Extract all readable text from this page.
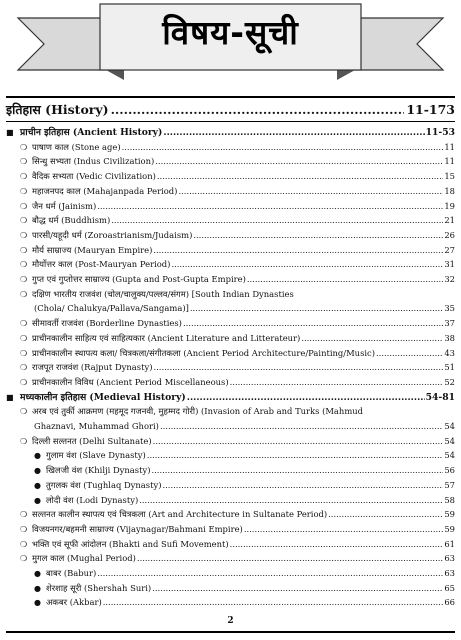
विषय-सूची
इतिहास (History) .....	11-173
■ प्राचीन इतिहास (Ancient History) .....	11-53
❍ पाषाण काल (Stone age) .....	11
❍ सिन्धु सभ्यता (Indus Civilization) .....	11
❍ वैदिक सभ्यता (Vedic Civilization) .....	15
❍ महाजनपद काल (Mahajanpada Period) .....	18
❍ जैन धर्म (Jainism) .....	19
❍ बौद्ध धर्म (Buddhism) .....	21
❍ पारसी/यहूदी धर्म (Zoroastrianism/Judaism) .....	26
❍ मौर्य साम्राज्य (Mauryan Empire) .....	27
❍ मौर्योत्तर काल (Post-Mauryan Period) .....	31
❍ गुप्त एवं गुप्तोत्तर साम्राज्य (Gupta and Post-Gupta Empire) .....	32
❍ दक्षिण भारतीय राजवंश (चोल/चालुक्य/पल्लव/संगम) [South Indian Dynasties
(Chola/ Chalukya/Pallava/Sangama)] .....	35
❍ सीमावर्ती राजवंश (Borderline Dynasties) .....	37
❍ प्राचीनकालीन साहित्य एवं साहित्यकार (Ancient Literature and Litterateur) .....	38
❍ प्राचीनकालीन स्थापत्य कला/ चित्रकला/संगीतकला (Ancient Period Architecture/Painting/Music) .....	43
❍ राजपूत राजवंश (Rajput Dynasty) .....	51
❍ प्राचीनकालीन विविध (Ancient Period Miscellaneous) .....	52
■ मध्यकालीन इतिहास (Medieval History) .....	54-81
❍ अरब एवं तुर्की आक्रमण (महमूद गजनवी, मुहम्मद गोरी) (Invasion of Arab and Turks (Mahmud
Ghaznavi, Muhammad Ghori) .....	54
❍ दिल्ली सल्तनत (Delhi Sultanate) .....	54
● गुलाम वंश (Slave Dynasty) .....	54
● खिलजी वंश (Khilji Dynasty) .....	56
● तुगलक वंश (Tughlaq Dynasty) .....	57
● लोदी वंश (Lodi Dynasty) .....	58
❍ सल्तनत कालीन स्थापत्य एवं चित्रकला (Art and Architecture in Sultanate Period) .....	59
❍ विजयनगर/बहमनी साम्राज्य (Vijaynagar/Bahmani Empire) .....	59
❍ भक्ति एवं सूफी आंदोलन (Bhakti and Sufi Movement) .....	61
❍ मुगल काल (Mughal Period) .....	63
● बाबर (Babur) .....	63
● शेरशाह सूरी (Shershah Suri) .....	65
● अकबर (Akbar) .....	66
2
